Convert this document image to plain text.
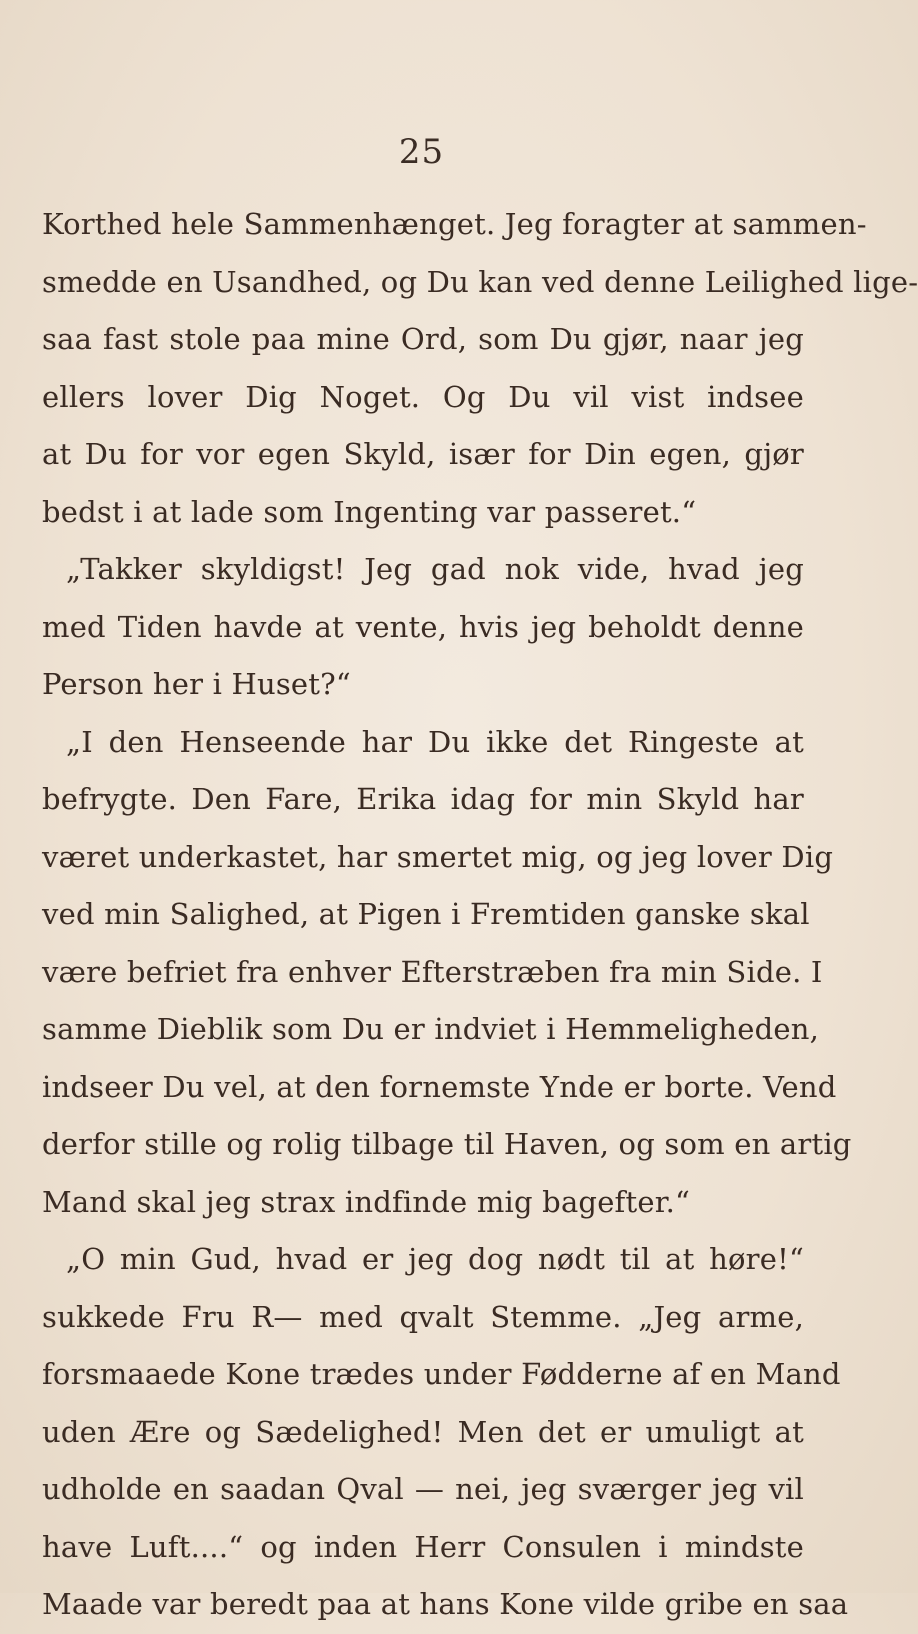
25
Korthed hele Sammenhænget. Jeg foragter at sammen-
smedde en Usandhed, og Du kan ved denne Leilighed lige-
saa fast stole paa mine Ord, som Du gjør, naar jeg
ellers lover Dig Noget. Og Du vil vist indsee
at Du for vor egen Skyld, især for Din egen, gjør
bedst i at lade som Ingenting var passeret.“
„Takker skyldigst! Jeg gad nok vide, hvad jeg
med Tiden havde at vente, hvis jeg beholdt denne
Person her i Huset?“
„I den Henseende har Du ikke det Ringeste at
befrygte. Den Fare, Erika idag for min Skyld har
været underkastet, har smertet mig, og jeg lover Dig
ved min Salighed, at Pigen i Fremtiden ganske skal
være befriet fra enhver Efterstræben fra min Side. I
samme Dieblik som Du er indviet i Hemmeligheden,
indseer Du vel, at den fornemste Ynde er borte. Vend
derfor stille og rolig tilbage til Haven, og som en artig
Mand skal jeg strax indfinde mig bagefter.“
„O min Gud, hvad er jeg dog nødt til at høre!“
sukkede Fru R— med qvalt Stemme. „Jeg arme,
forsmaaede Kone trædes under Fødderne af en Mand
uden Ære og Sædelighed! Men det er umuligt at
udholde en saadan Qval — nei, jeg sværger jeg vil
have Luft....“ og inden Herr Consulen i mindste
Maade var beredt paa at hans Kone vilde gribe en saa
